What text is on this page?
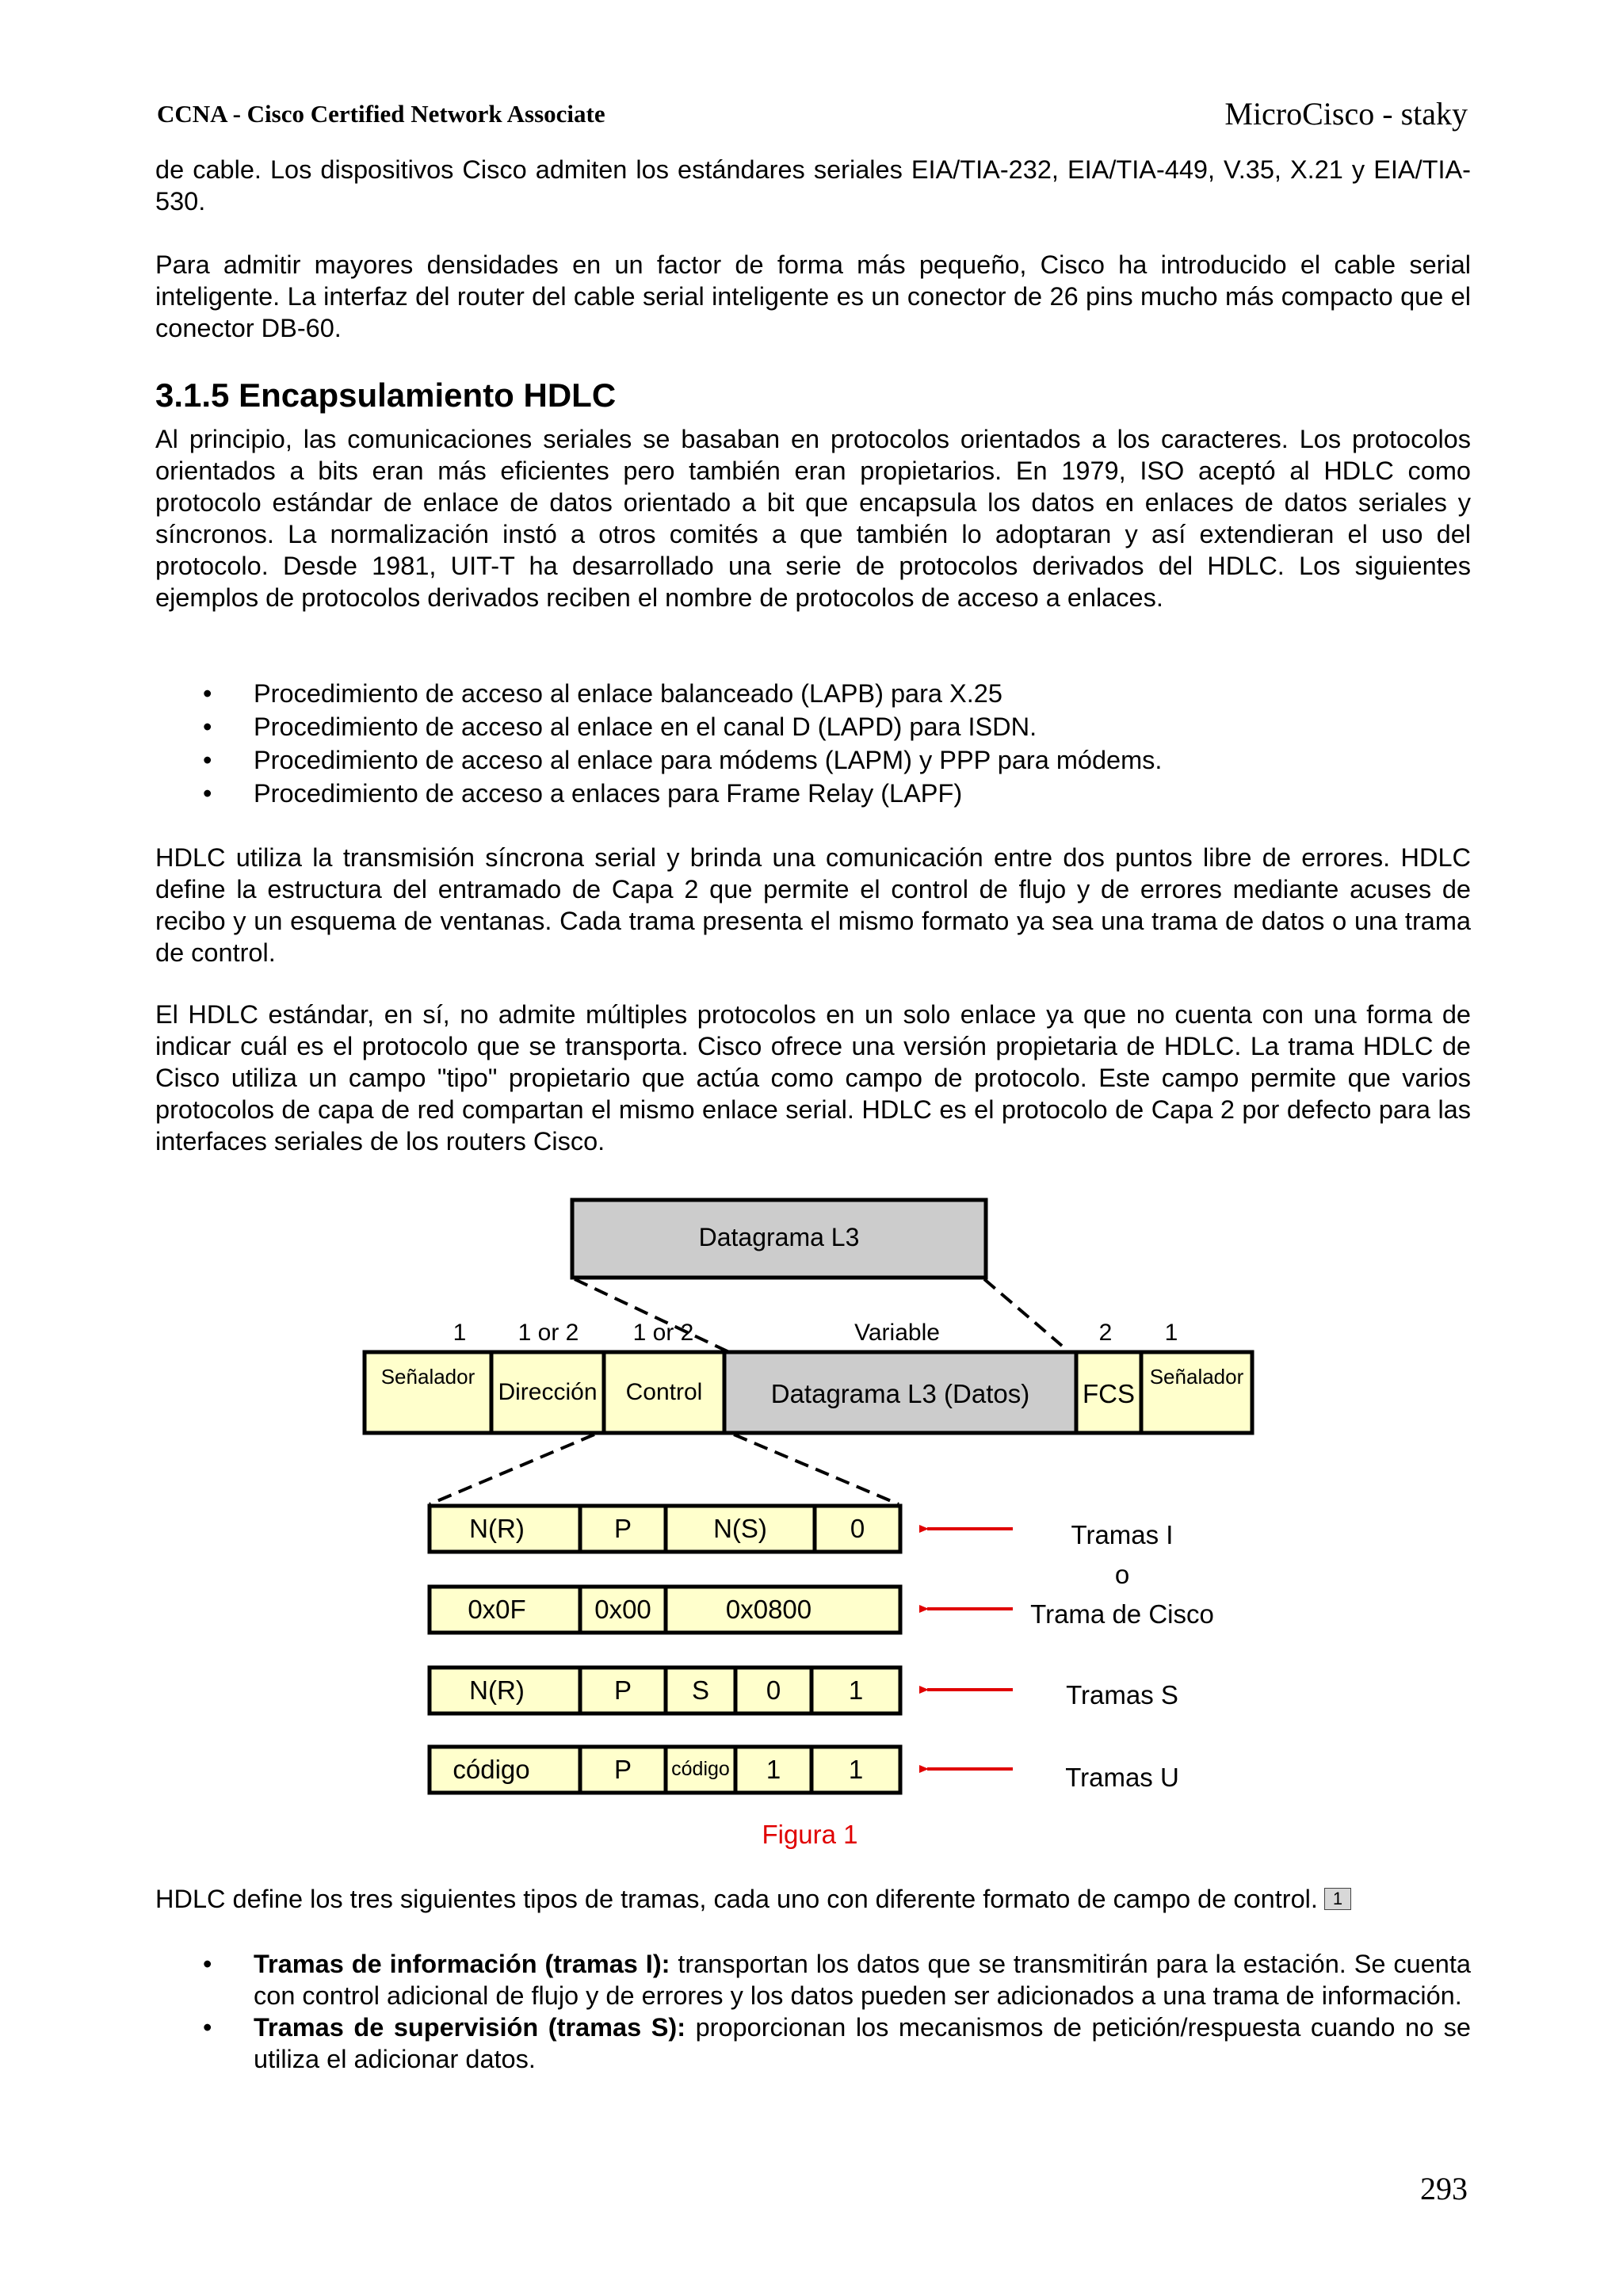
CCNA - Cisco Certified Network Associate	MicroCisco - staky

de cable. Los dispositivos Cisco admiten los estándares seriales EIA/TIA-232, EIA/TIA-449, V.35, X.21 y EIA/TIA-530.

Para admitir mayores densidades en un factor de forma más pequeño, Cisco ha introducido el cable serial inteligente. La interfaz del router del cable serial inteligente es un conector de 26 pins mucho más compacto que el conector DB-60.

3.1.5 Encapsulamiento HDLC

Al principio, las comunicaciones seriales se basaban en protocolos orientados a los caracteres. Los protocolos orientados a bits eran más eficientes pero también eran propietarios. En 1979, ISO aceptó al HDLC como protocolo estándar de enlace de datos orientado a bit que encapsula los datos en enlaces de datos seriales y síncronos. La normalización instó a otros comités a que también lo adoptaran y así extendieran el uso del protocolo. Desde 1981, UIT-T ha desarrollado una serie de protocolos derivados del HDLC. Los siguientes ejemplos de protocolos derivados reciben el nombre de protocolos de acceso a enlaces.

• Procedimiento de acceso al enlace balanceado (LAPB) para X.25
• Procedimiento de acceso al enlace en el canal D (LAPD) para ISDN.
• Procedimiento de acceso al enlace para módems (LAPM) y PPP para módems.
• Procedimiento de acceso a enlaces para Frame Relay (LAPF)

HDLC utiliza la transmisión síncrona serial y brinda una comunicación entre dos puntos libre de errores. HDLC define la estructura del entramado de Capa 2 que permite el control de flujo y de errores mediante acuses de recibo y un esquema de ventanas. Cada trama presenta el mismo formato ya sea una trama de datos o una trama de control.

El HDLC estándar, en sí, no admite múltiples protocolos en un solo enlace ya que no cuenta con una forma de indicar cuál es el protocolo que se transporta. Cisco ofrece una versión propietaria de HDLC. La trama HDLC de Cisco utiliza un campo "tipo" propietario que actúa como campo de protocolo. Este campo permite que varios protocolos de capa de red compartan el mismo enlace serial. HDLC es el protocolo de Capa 2 por defecto para las interfaces seriales de los routers Cisco.

Datagrama L3
1 1 or 2 1 or 2	Variable	2 1
Señalador
Dirección Control	Datagrama L3 (Datos) FCS
Señalador
N(R)	P	N(S)	0
0x0F	0x00	0x0800
N(R)	P S 0	1
código	P código 1	1
Tramas I
o
Trama de Cisco
Tramas S
Tramas U
Figura 1

HDLC define los tres siguientes tipos de tramas, cada uno con diferente formato de campo de control. 1

• Tramas de información (tramas I): transportan los datos que se transmitirán para la estación. Se cuenta con control adicional de flujo y de errores y los datos pueden ser adicionados a una trama de información.
• Tramas de supervisión (tramas S): proporcionan los mecanismos de petición/respuesta cuando no se utiliza el adicionar datos.
293
